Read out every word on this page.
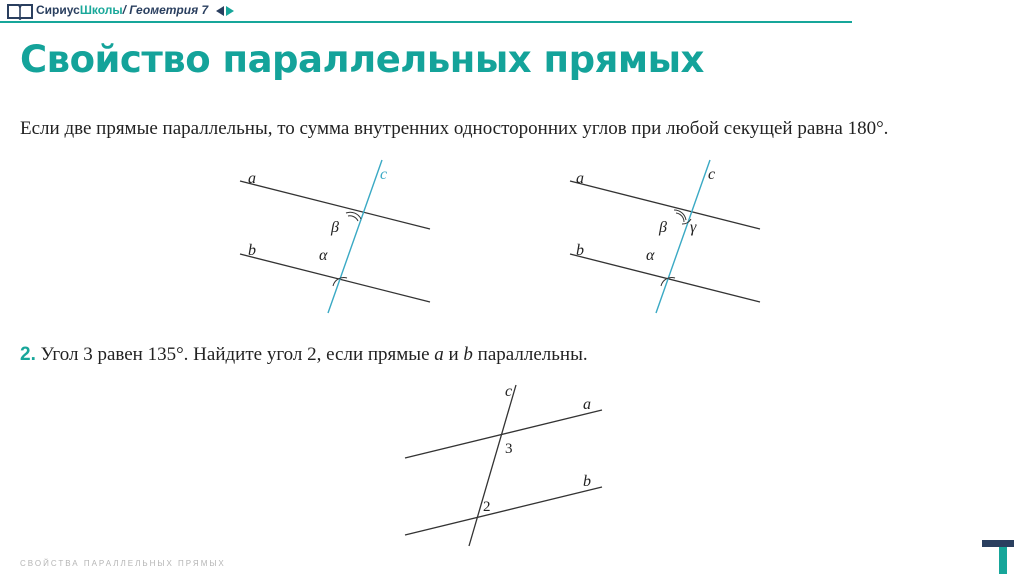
СириусШколы/ Геометрия 7
Свойство параллельных прямых
Если две прямые параллельны, то сумма внутренних односторонних углов при любой секущей равна 180°.
a
b
c
β
α
a
b
c
β γ
α
2. Угол 3 равен 135°. Найдите угол 2, если прямые a и b параллельны.
c
a
b
3
2
СВОЙСТВА ПАРАЛЛЕЛЬНЫХ ПРЯМЫХ
